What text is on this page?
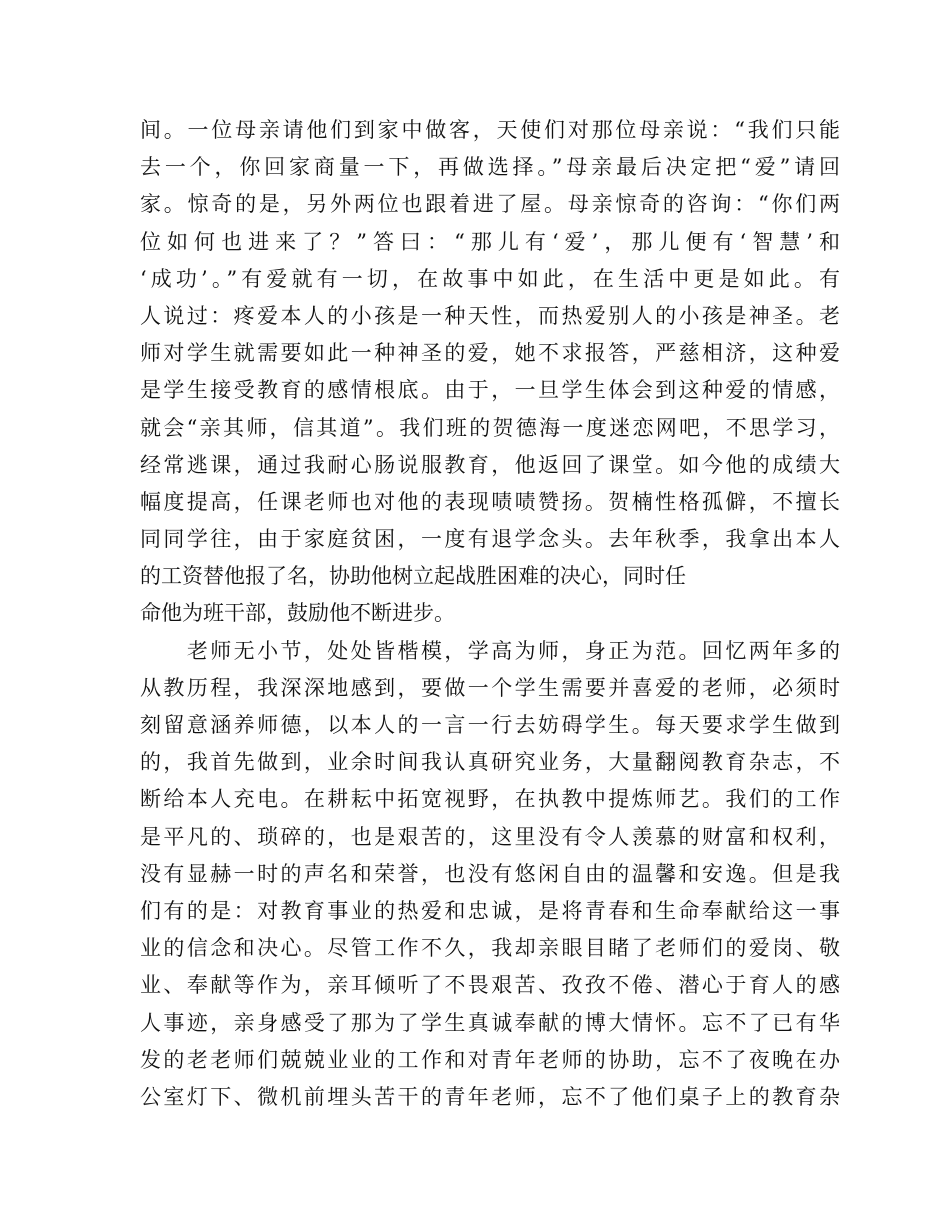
间。一位母亲请他们到家中做客，天使们对那位母亲说：“我们只能
去一个，你回家商量一下，再做选择。”母亲最后决定把“爱”请回
家。惊奇的是，另外两位也跟着进了屋。母亲惊奇的咨询：“你们两
位如何也进来了？”答曰：“那儿有‘爱’，那儿便有‘智慧’和
‘成功’。”有爱就有一切，在故事中如此，在生活中更是如此。有
人说过：疼爱本人的小孩是一种天性，而热爱别人的小孩是神圣。老
师对学生就需要如此一种神圣的爱，她不求报答，严慈相济，这种爱
是学生接受教育的感情根底。由于，一旦学生体会到这种爱的情感，
就会“亲其师，信其道”。我们班的贺德海一度迷恋网吧，不思学习，
经常逃课，通过我耐心肠说服教育，他返回了课堂。如今他的成绩大
幅度提高，任课老师也对他的表现啧啧赞扬。贺楠性格孤僻，不擅长
同同学往，由于家庭贫困，一度有退学念头。去年秋季，我拿出本人
的工资替他报了名，协助他树立起战胜困难的决心，同时任
命他为班干部，鼓励他不断进步。
　　老师无小节，处处皆楷模，学高为师，身正为范。回忆两年多的
从教历程，我深深地感到，要做一个学生需要并喜爱的老师，必须时
刻留意涵养师德，以本人的一言一行去妨碍学生。每天要求学生做到
的，我首先做到，业余时间我认真研究业务，大量翻阅教育杂志，不
断给本人充电。在耕耘中拓宽视野，在执教中提炼师艺。我们的工作
是平凡的、琐碎的，也是艰苦的，这里没有令人羡慕的财富和权利，
没有显赫一时的声名和荣誉，也没有悠闲自由的温馨和安逸。但是我
们有的是：对教育事业的热爱和忠诚，是将青春和生命奉献给这一事
业的信念和决心。尽管工作不久，我却亲眼目睹了老师们的爱岗、敬
业、奉献等作为，亲耳倾听了不畏艰苦、孜孜不倦、潜心于育人的感
人事迹，亲身感受了那为了学生真诚奉献的博大情怀。忘不了已有华
发的老老师们兢兢业业的工作和对青年老师的协助，忘不了夜晚在办
公室灯下、微机前埋头苦干的青年老师，忘不了他们桌子上的教育杂
